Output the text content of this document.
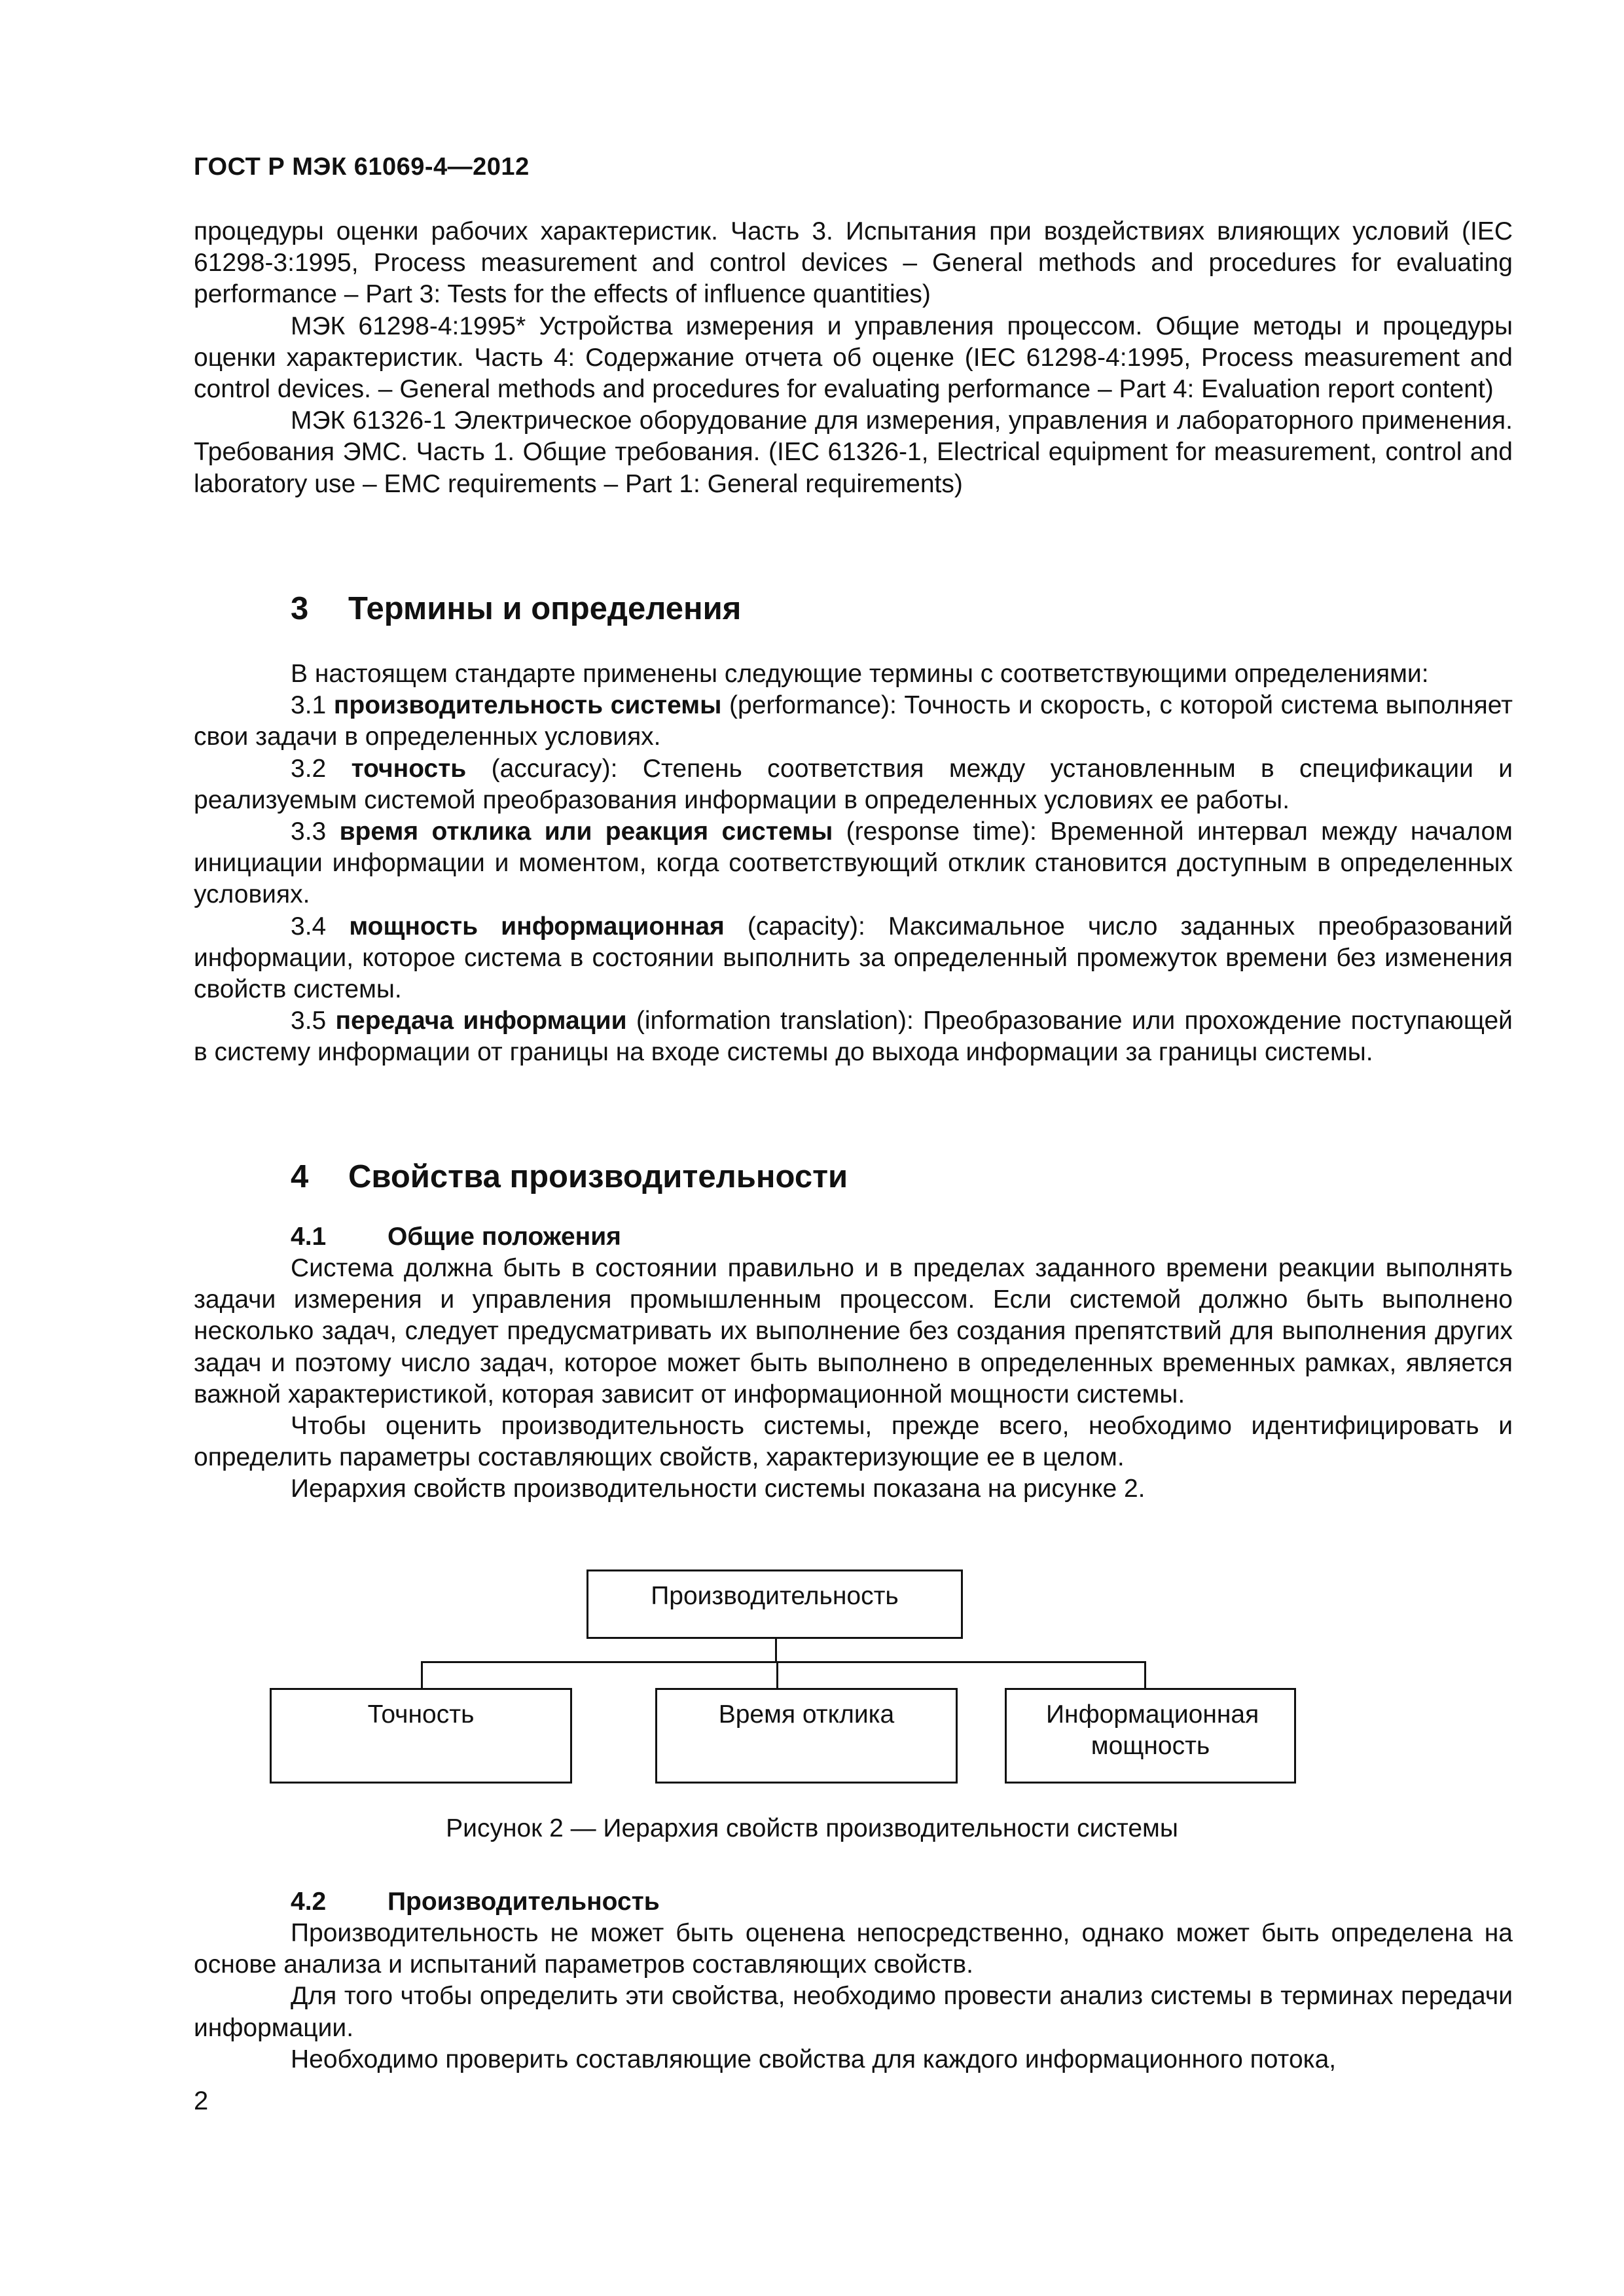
ГОСТ Р МЭК 61069-4—2012

процедуры оценки рабочих характеристик. Часть 3. Испытания при воздействиях влияющих условий (IEC 61298-3:1995, Process measurement and control devices – General methods and procedures for evaluating performance – Part 3: Tests for the effects of influence quantities)

МЭК 61298-4:1995* Устройства измерения и управления процессом. Общие методы и процедуры оценки характеристик. Часть 4: Содержание отчета об оценке (IEC 61298-4:1995, Process measurement and control devices. – General methods and procedures for evaluating performance – Part 4: Evaluation report content)

МЭК 61326-1 Электрическое оборудование для измерения, управления и лабораторного применения. Требования ЭМС. Часть 1. Общие требования. (IEC 61326-1, Electrical equipment for measurement, control and laboratory use – EMC requirements – Part 1: General requirements)

3 Термины и определения

В настоящем стандарте применены следующие термины с соответствующими определениями:

3.1 производительность системы (performance): Точность и скорость, с которой система выполняет свои задачи в определенных условиях.

3.2 точность (accuracy): Степень соответствия между установленным в спецификации и реализуемым системой преобразования информации в определенных условиях ее работы.

3.3 время отклика или реакция системы (response time): Временной интервал между началом инициации информации и моментом, когда соответствующий отклик становится доступным в определенных условиях.

3.4 мощность информационная (capacity): Максимальное число заданных преобразований информации, которое система в состоянии выполнить за определенный промежуток времени без изменения свойств системы.

3.5 передача информации (information translation): Преобразование или прохождение поступающей в систему информации от границы на входе системы до выхода информации за границы системы.

4 Свойства производительности
4.1 Общие положения

Система должна быть в состоянии правильно и в пределах заданного времени реакции выполнять задачи измерения и управления промышленным процессом. Если системой должно быть выполнено несколько задач, следует предусматривать их выполнение без создания препятствий для выполнения других задач и поэтому число задач, которое может быть выполнено в определенных временных рамках, является важной характеристикой, которая зависит от информационной мощности системы.

Чтобы оценить производительность системы, прежде всего, необходимо идентифицировать и определить параметры составляющих свойств, характеризующие ее в целом.

Иерархия свойств производительности системы показана на рисунке 2.

Производительность
Точность	Время отклика	Информационная мощность
Рисунок 2 — Иерархия свойств производительности системы
4.2 Производительность

Производительность не может быть оценена непосредственно, однако может быть определена на основе анализа и испытаний параметров составляющих свойств.

Для того чтобы определить эти свойства, необходимо провести анализ системы в терминах передачи информации.

Необходимо проверить составляющие свойства для каждого информационного потока,

2
